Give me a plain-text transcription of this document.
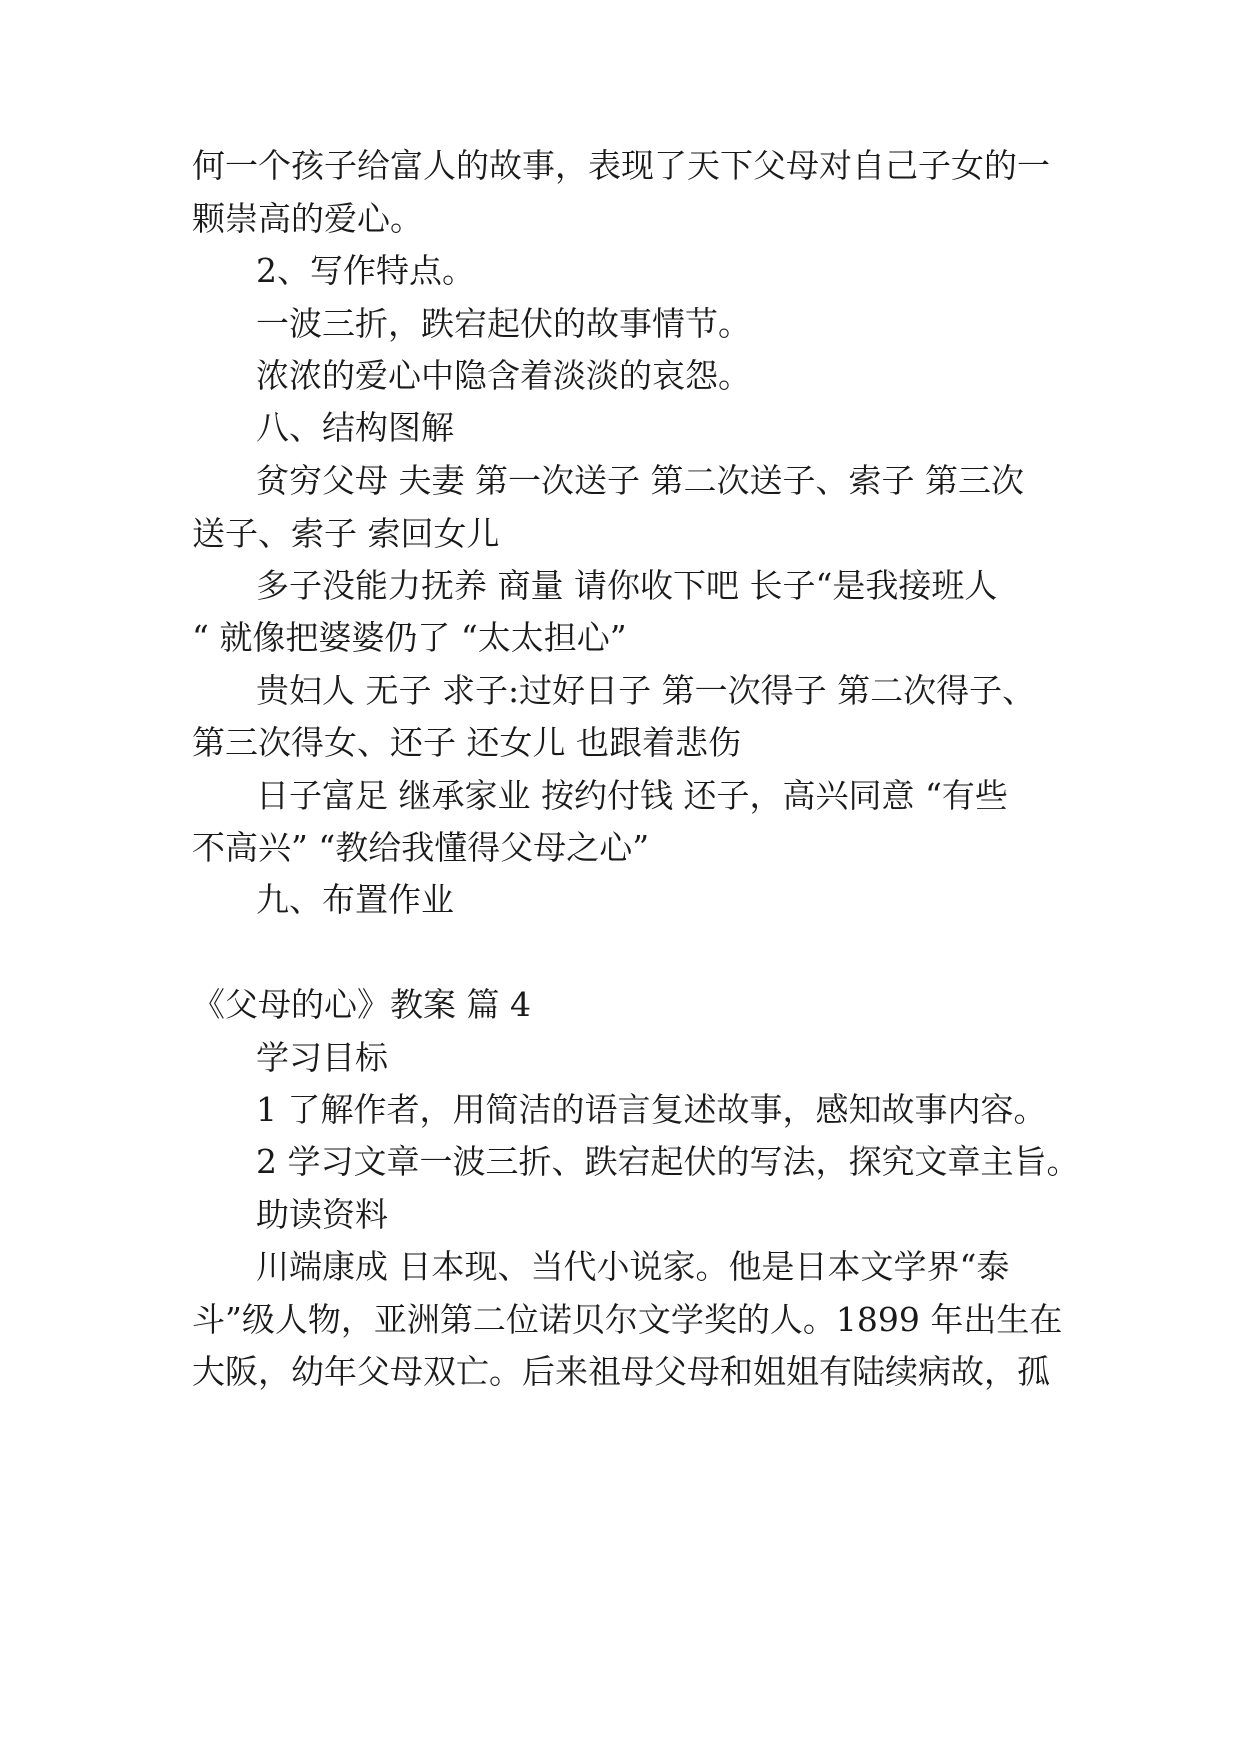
何一个孩子给富人的故事，表现了天下父母对自己子女的一

颗崇高的爱心。

2、写作特点。

一波三折，跌宕起伏的故事情节。

浓浓的爱心中隐含着淡淡的哀怨。

八、结构图解

贫穷父母 夫妻 第一次送子 第二次送子、索子 第三次

送子、索子 索回女儿

多子没能力抚养 商量 请你收下吧 长子“是我接班人

“ 就像把婆婆仍了 “太太担心”

贵妇人 无子 求子:过好日子 第一次得子 第二次得子、

第三次得女、还子 还女儿 也跟着悲伤

日子富足 继承家业 按约付钱 还子，高兴同意 “有些

不高兴” “教给我懂得父母之心”

九、布置作业

《父母的心》教案 篇 4

学习目标

1 了解作者，用简洁的语言复述故事，感知故事内容。

2 学习文章一波三折、跌宕起伏的写法，探究文章主旨。

助读资料

川端康成 日本现、当代小说家。他是日本文学界“泰

斗”级人物，亚洲第二位诺贝尔文学奖的人。1899 年出生在

大阪，幼年父母双亡。后来祖母父母和姐姐有陆续病故，孤
